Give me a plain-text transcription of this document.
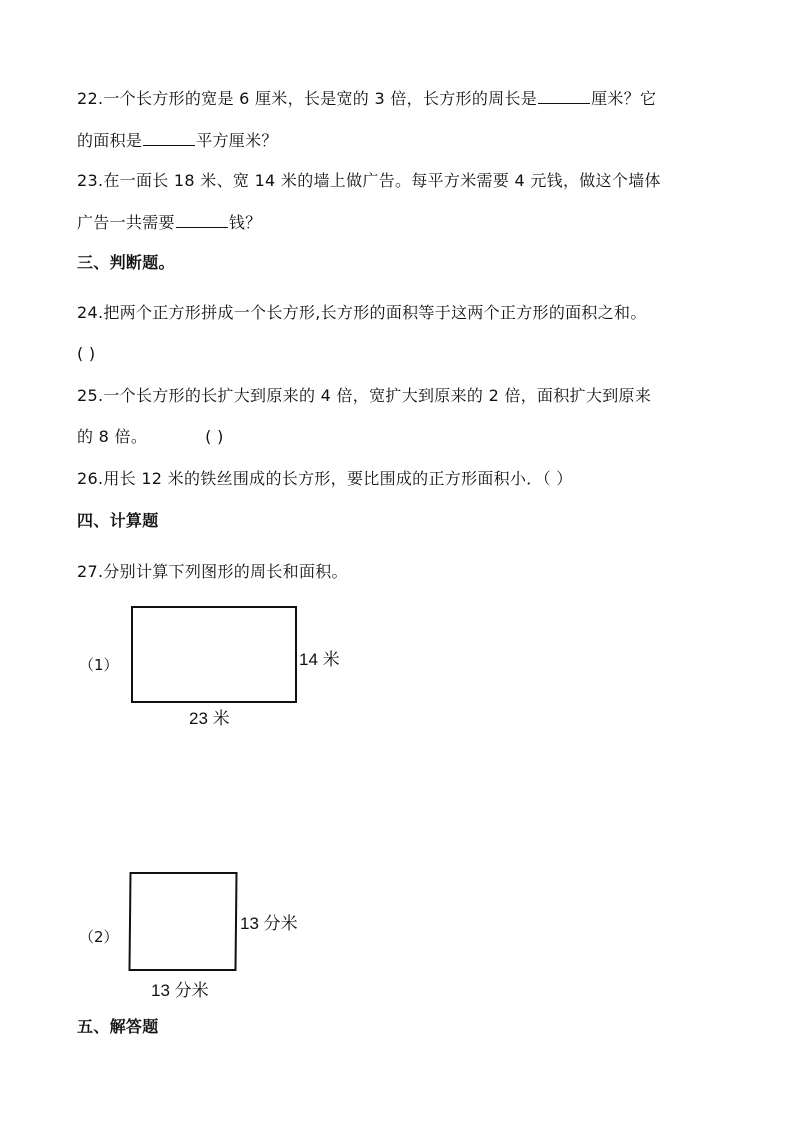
22.一个长方形的宽是 6 厘米，长是宽的 3 倍，长方形的周长是	厘米？它
的面积是	平方厘米？
23.在一面长 18 米、宽 14 米的墙上做广告。每平方米需要 4 元钱，做这个墙体
广告一共需要	钱？
三、判断题。
24.把两个正方形拼成一个长方形,长方形的面积等于这两个正方形的面积之和。
( )
25.一个长方形的长扩大到原来的 4 倍，宽扩大到原来的 2 倍，面积扩大到原来
的 8 倍。	( )
26.用长 12 米的铁丝围成的长方形，要比围成的正方形面积小．（ ）
四、计算题
27.分别计算下列图形的周长和面积。
（1）	14 米
23 米
（2）
13 分米
13 分米
五、解答题
